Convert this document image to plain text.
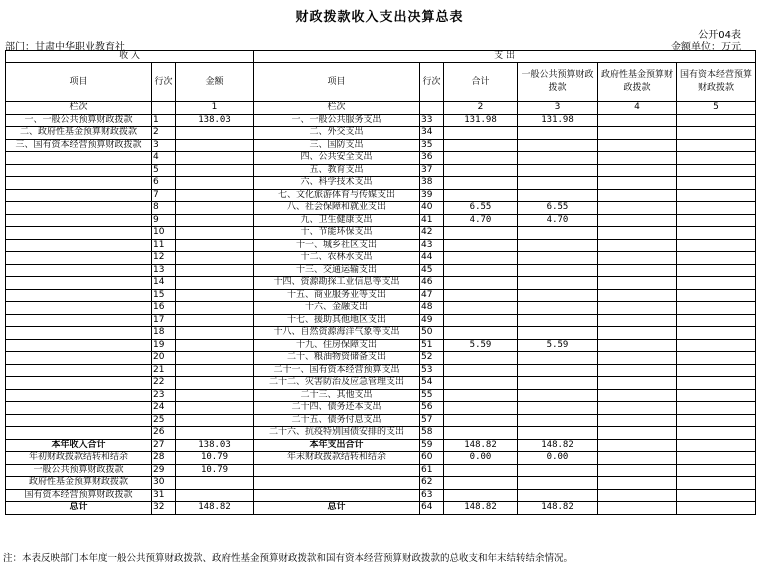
财政拨款收入支出决算总表
公开04表
部门：甘肃中华职业教育社	金额单位：万元
收 入			支 出					
项目	行次	金额	项目	行次	合计	一般公共预算财政拨款	政府性基金预算财政拨款	国有资本经营预算财政拨款
栏次		1	栏次		2	3	4	5
一、一般公共预算财政拨款	1	138.03	一、一般公共服务支出	33	131.98	131.98		
二、政府性基金预算财政拨款	2		二、外交支出	34				
三、国有资本经营预算财政拨款	3		三、国防支出	35				
	4		四、公共安全支出	36				
	5		五、教育支出	37				
	6		六、科学技术支出	38				
	7		七、文化旅游体育与传媒支出	39				
	8		八、社会保障和就业支出	40	6.55	6.55		
	9		九、卫生健康支出	41	4.70	4.70		
	10		十、节能环保支出	42				
	11		十一、城乡社区支出	43				
	12		十二、农林水支出	44				
	13		十三、交通运输支出	45				
	14		十四、资源勘探工业信息等支出	46				
	15		十五、商业服务业等支出	47				
	16		十六、金融支出	48				
	17		十七、援助其他地区支出	49				
	18		十八、自然资源海洋气象等支出	50				
	19		十九、住房保障支出	51	5.59	5.59		
	20		二十、粮油物资储备支出	52				
	21		二十一、国有资本经营预算支出	53				
	22		二十二、灾害防治及应急管理支出	54				
	23		二十三、其他支出	55				
	24		二十四、债务还本支出	56				
	25		二十五、债务付息支出	57				
	26		二十六、抗疫特别国债安排的支出	58				
本年收入合计	27	138.03	本年支出合计	59	148.82	148.82		
年初财政拨款结转和结余	28	10.79	年末财政拨款结转和结余	60	0.00	0.00		
一般公共预算财政拨款	29	10.79		61				
政府性基金预算财政拨款	30			62				
国有资本经营预算财政拨款	31			63				
总计	32	148.82	总计	64	148.82	148.82		
注：本表反映部门本年度一般公共预算财政拨款、政府性基金预算财政拨款和国有资本经营预算财政拨款的总收支和年末结转结余情况。
